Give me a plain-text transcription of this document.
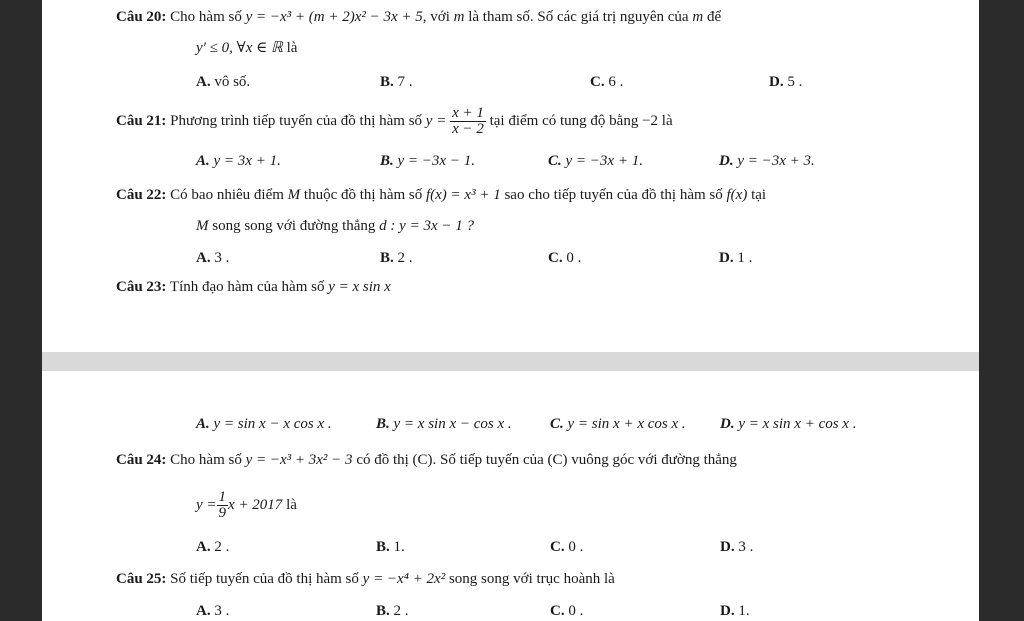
Câu 20: Cho hàm số y = −x³ + (m + 2)x² − 3x + 5, với m là tham số. Số các giá trị nguyên của m để
y′ ≤ 0, ∀x ∈ ℝ là
A. vô số.	B. 7 .	C. 6 .	D. 5 .
Câu 21: Phương trình tiếp tuyến của đồ thị hàm số $y = \frac{x + 1}{x - 2}$ tại điểm có tung độ bằng −2 là
A. y = 3x + 1.	B. y = −3x − 1.	C. y = −3x + 1.	D. y = −3x + 3.
Câu 22: Có bao nhiêu điểm M thuộc đồ thị hàm số f(x) = x³ + 1 sao cho tiếp tuyến của đồ thị hàm số f(x) tại
M song song với đường thẳng d : y = 3x − 1 ?
A. 3 .	B. 2 .	C. 0 .	D. 1 .
Câu 23: Tính đạo hàm của hàm số y = x sin x
A. y = sin x − x cos x .	B. y = x sin x − cos x .	C. y = sin x + x cos x . D. y = x sin x + cos x .
Câu 24: Cho hàm số y = −x³ + 3x² − 3 có đồ thị (C). Số tiếp tuyến của (C) vuông góc với đường thẳng
$y = \frac{1}{9}$ x + 2017 là
A. 2 .	B. 1.	C. 0 .	D. 3 .
Câu 25: Số tiếp tuyến của đồ thị hàm số y = −x⁴ + 2x² song song với trục hoành là
A. 3 .	B. 2 .	C. 0 .	D. 1.
